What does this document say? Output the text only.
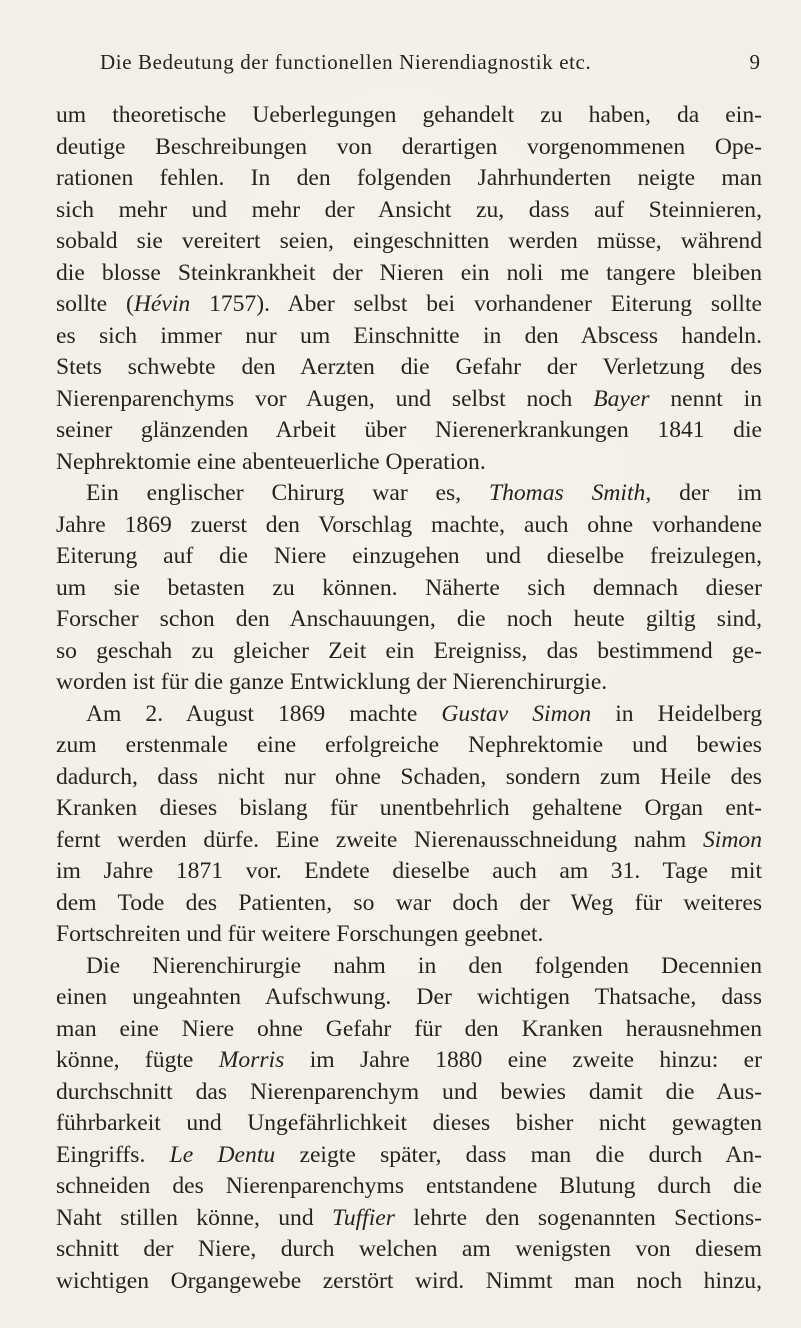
Die Bedeutung der functionellen Nierendiagnostik etc.	9
um theoretische Ueberlegungen gehandelt zu haben, da ein-
deutige Beschreibungen von derartigen vorgenommenen Ope-
rationen fehlen. In den folgenden Jahrhunderten neigte man
sich mehr und mehr der Ansicht zu, dass auf Steinnieren,
sobald sie vereitert seien, eingeschnitten werden müsse, während
die blosse Steinkrankheit der Nieren ein noli me tangere bleiben
sollte (Hévin 1757). Aber selbst bei vorhandener Eiterung sollte
es sich immer nur um Einschnitte in den Abscess handeln.
Stets schwebte den Aerzten die Gefahr der Verletzung des
Nierenparenchyms vor Augen, und selbst noch Bayer nennt in
seiner glänzenden Arbeit über Nierenerkrankungen 1841 die
Nephrektomie eine abenteuerliche Operation.
Ein englischer Chirurg war es, Thomas Smith, der im
Jahre 1869 zuerst den Vorschlag machte, auch ohne vorhandene
Eiterung auf die Niere einzugehen und dieselbe freizulegen,
um sie betasten zu können. Näherte sich demnach dieser
Forscher schon den Anschauungen, die noch heute giltig sind,
so geschah zu gleicher Zeit ein Ereigniss, das bestimmend ge-
worden ist für die ganze Entwicklung der Nierenchirurgie.
Am 2. August 1869 machte Gustav Simon in Heidelberg
zum erstenmale eine erfolgreiche Nephrektomie und bewies
dadurch, dass nicht nur ohne Schaden, sondern zum Heile des
Kranken dieses bislang für unentbehrlich gehaltene Organ ent-
fernt werden dürfe. Eine zweite Nierenausschneidung nahm Simon
im Jahre 1871 vor. Endete dieselbe auch am 31. Tage mit
dem Tode des Patienten, so war doch der Weg für weiteres
Fortschreiten und für weitere Forschungen geebnet.
Die Nierenchirurgie nahm in den folgenden Decennien
einen ungeahnten Aufschwung. Der wichtigen Thatsache, dass
man eine Niere ohne Gefahr für den Kranken herausnehmen
könne, fügte Morris im Jahre 1880 eine zweite hinzu: er
durchschnitt das Nierenparenchym und bewies damit die Aus-
führbarkeit und Ungefährlichkeit dieses bisher nicht gewagten
Eingriffs. Le Dentu zeigte später, dass man die durch An-
schneiden des Nierenparenchyms entstandene Blutung durch die
Naht stillen könne, und Tuffier lehrte den sogenannten Sections-
schnitt der Niere, durch welchen am wenigsten von diesem
wichtigen Organgewebe zerstört wird. Nimmt man noch hinzu,
